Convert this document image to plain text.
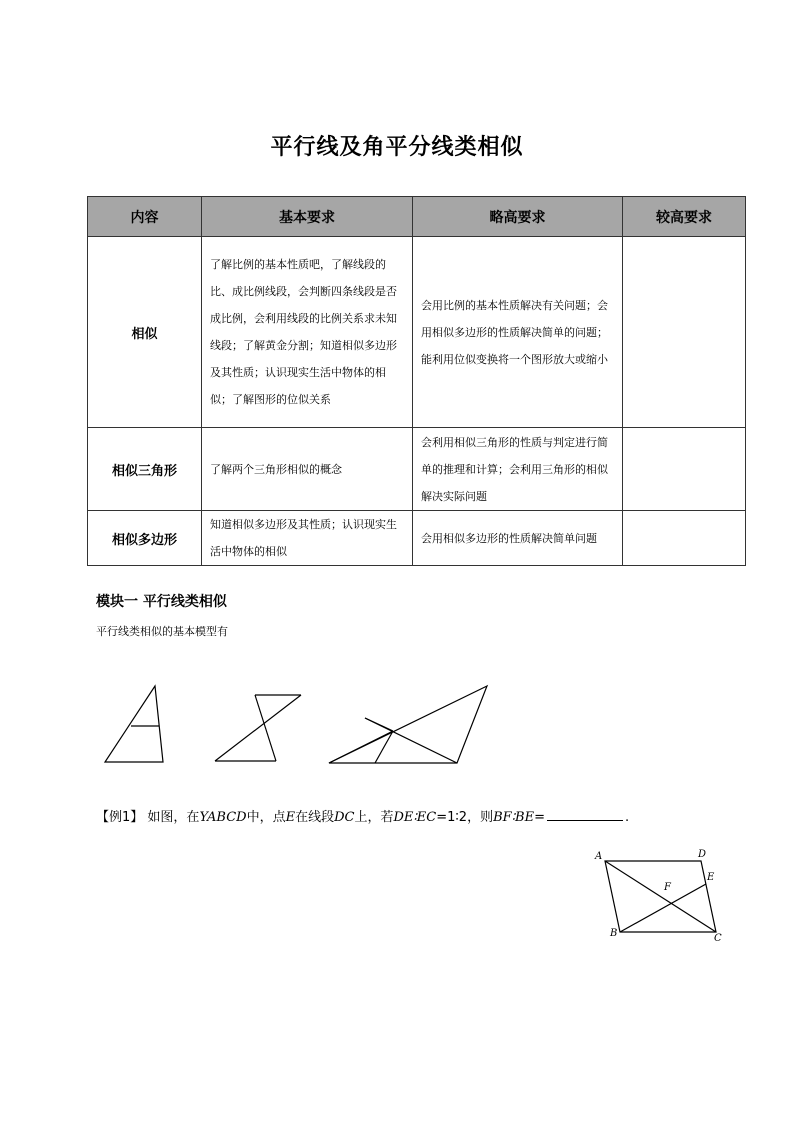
平行线及角平分线类相似
内容	基本要求	略高要求	较高要求
相似	了解比例的基本性质吧，了解线段的比、成比例线段，会判断四条线段是否成比例，会利用线段的比例关系求未知线段；了解黄金分割；知道相似多边形及其性质；认识现实生活中物体的相似；了解图形的位似关系	会用比例的基本性质解决有关问题；会用相似多边形的性质解决简单的问题；能利用位似变换将一个图形放大或缩小	
相似三角形	了解两个三角形相似的概念	会利用相似三角形的性质与判定进行简单的推理和计算；会利用三角形的相似解决实际问题	
相似多边形	知道相似多边形及其性质；认识现实生活中物体的相似	会用相似多边形的性质解决简单问题	
模块一 平行线类相似
平行线类相似的基本模型有
A	D
E
F
B	C
【例1】 如图，在YABCD中，点E在线段DC上，若DE∶EC=1∶2，则BF∶BE=	.
